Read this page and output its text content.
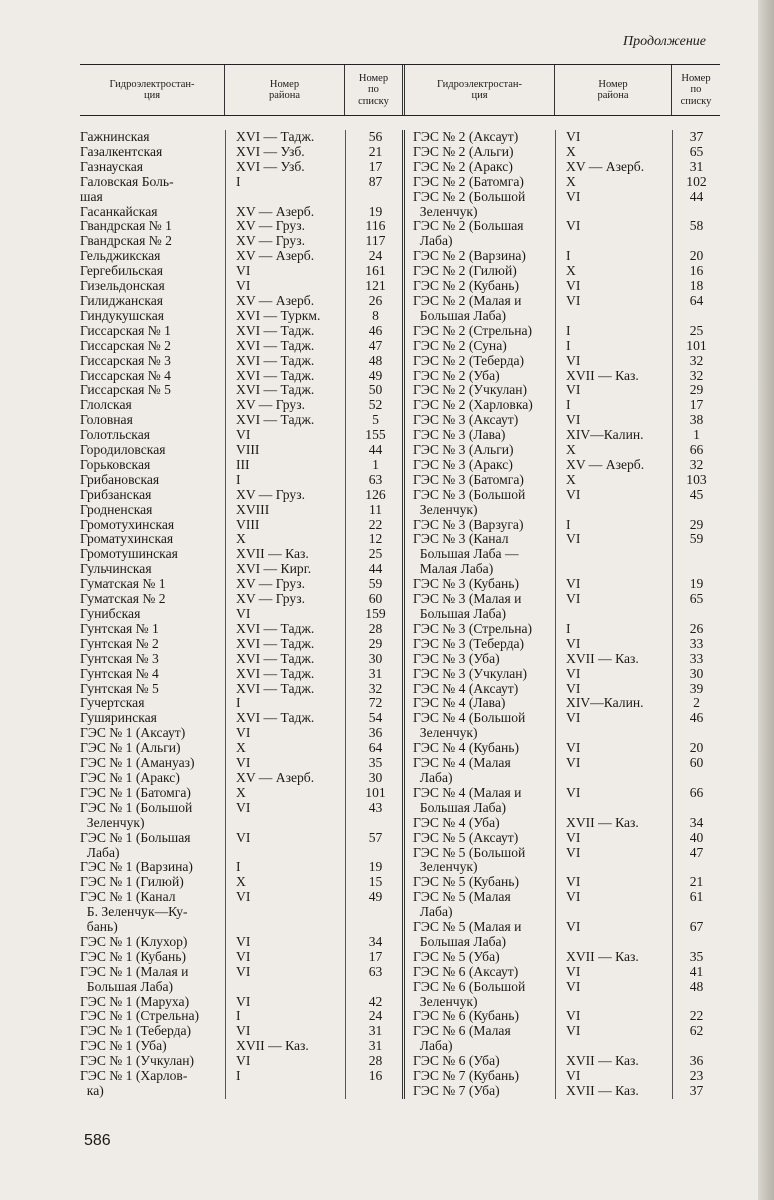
Продолжение
Гидроэлектростан-
ция
Номер
района
Номер
по
списку
Гидроэлектростан-
ция
Номер
района
Номер
по
списку
Гажнинская	XVI — Тадж.	56
Газалкентская	XVI — Узб.	21
Газнауская	XVI — Узб.	17
Галовская Боль-
шая
I	87
Гасанкайская	XV — Азерб.	19
Гвандрская № 1	XV — Груз.	116
Гвандрская № 2	XV — Груз.	117
Гельджикская	XV — Азерб.	24
Гергебильская	VI	161
Гизельдонская	VI	121
Гилиджанская	XV — Азерб.	26
Гиндукушская	XVI — Туркм.	8
Гиссарская № 1	XVI — Тадж.	46
Гиссарская № 2	XVI — Тадж.	47
Гиссарская № 3	XVI — Тадж.	48
Гиссарская № 4	XVI — Тадж.	49
Гиссарская № 5	XVI — Тадж.	50
Глолская	XV — Груз.	52
Головная	XVI — Тадж.	5
Голотльская	VI	155
Городиловская	VIII	44
Горьковская	III	1
Грибановская	I	63
Грибзанская	XV — Груз.	126
Гродненская	XVIII	11
Громотухинская	VIII	22
Громатухинская	X	12
Громотушинская	XVII — Каз.	25
Гульчинская	XVI — Кирг.	44
Гуматская № 1	XV — Груз.	59
Гуматская № 2	XV — Груз.	60
Гунибская	VI	159
Гунтская № 1	XVI — Тадж.	28
Гунтская № 2	XVI — Тадж.	29
Гунтская № 3	XVI — Тадж.	30
Гунтская № 4	XVI — Тадж.	31
Гунтская № 5	XVI — Тадж.	32
Гучертская	I	72
Гушяринская	XVI — Тадж.	54
ГЭС № 1 (Аксаут)	VI	36
ГЭС № 1 (Альги)	X	64
ГЭС № 1 (Амануаз)	VI	35
ГЭС № 1 (Аракс)	XV — Азерб.	30
ГЭС № 1 (Батомга)	X	101
ГЭС № 1 (Большой
Зеленчук)
VI	43
ГЭС № 1 (Большая
Лаба)
VI	57
ГЭС № 1 (Варзина)	I	19
ГЭС № 1 (Гилюй)	X	15
ГЭС № 1 (Канал
Б. Зеленчук—Ку-
бань)
VI	49
ГЭС № 1 (Клухор)	VI	34
ГЭС № 1 (Кубань)	VI	17
ГЭС № 1 (Малая и
Большая Лаба)
VI	63
ГЭС № 1 (Маруха)	VI	42
ГЭС № 1 (Стрельна)	I	24
ГЭС № 1 (Теберда)	VI	31
ГЭС № 1 (Уба)	XVII — Каз.	31
ГЭС № 1 (Учкулан)	VI	28
ГЭС № 1 (Харлов-
ка)
I	16
ГЭС № 2 (Аксаут)	VI	37
ГЭС № 2 (Альги)	X	65
ГЭС № 2 (Аракс)	XV — Азерб.	31
ГЭС № 2 (Батомга)	X	102
ГЭС № 2 (Большой
Зеленчук)
VI	44
ГЭС № 2 (Большая
Лаба)
VI	58
ГЭС № 2 (Варзина)	I	20
ГЭС № 2 (Гилюй)	X	16
ГЭС № 2 (Кубань)	VI	18
ГЭС № 2 (Малая и
Большая Лаба)
VI	64
ГЭС № 2 (Стрельна)	I	25
ГЭС № 2 (Суна)	I	101
ГЭС № 2 (Теберда)	VI	32
ГЭС № 2 (Уба)	XVII — Каз.	32
ГЭС № 2 (Учкулан)	VI	29
ГЭС № 2 (Харловка)	I	17
ГЭС № 3 (Аксаут)	VI	38
ГЭС № 3 (Лава)	XIV—Калин.	1
ГЭС № 3 (Альги)	X	66
ГЭС № 3 (Аракс)	XV — Азерб.	32
ГЭС № 3 (Батомга)	X	103
ГЭС № 3 (Большой
Зеленчук)
VI	45
ГЭС № 3 (Варзуга)	I	29
ГЭС № 3 (Канал
Большая Лаба —
Малая Лаба)
VI	59
ГЭС № 3 (Кубань)	VI	19
ГЭС № 3 (Малая и
Большая Лаба)
VI	65
ГЭС № 3 (Стрельна)	I	26
ГЭС № 3 (Теберда)	VI	33
ГЭС № 3 (Уба)	XVII — Каз.	33
ГЭС № 3 (Учкулан)	VI	30
ГЭС № 4 (Аксаут)	VI	39
ГЭС № 4 (Лава)	XIV—Калин.	2
ГЭС № 4 (Большой
Зеленчук)
VI	46
ГЭС № 4 (Кубань)	VI	20
ГЭС № 4 (Малая
Лаба)
VI	60
ГЭС № 4 (Малая и
Большая Лаба)
VI	66
ГЭС № 4 (Уба)	XVII — Каз.	34
ГЭС № 5 (Аксаут)	VI	40
ГЭС № 5 (Большой
Зеленчук)
VI	47
ГЭС № 5 (Кубань)	VI	21
ГЭС № 5 (Малая
Лаба)
VI	61
ГЭС № 5 (Малая и
Большая Лаба)
VI	67
ГЭС № 5 (Уба)	XVII — Каз.	35
ГЭС № 6 (Аксаут)	VI	41
ГЭС № 6 (Большой
Зеленчук)
VI	48
ГЭС № 6 (Кубань)	VI	22
ГЭС № 6 (Малая
Лаба)
VI	62
ГЭС № 6 (Уба)	XVII — Каз.	36
ГЭС № 7 (Кубань)	VI	23
ГЭС № 7 (Уба)	XVII — Каз.	37
586
